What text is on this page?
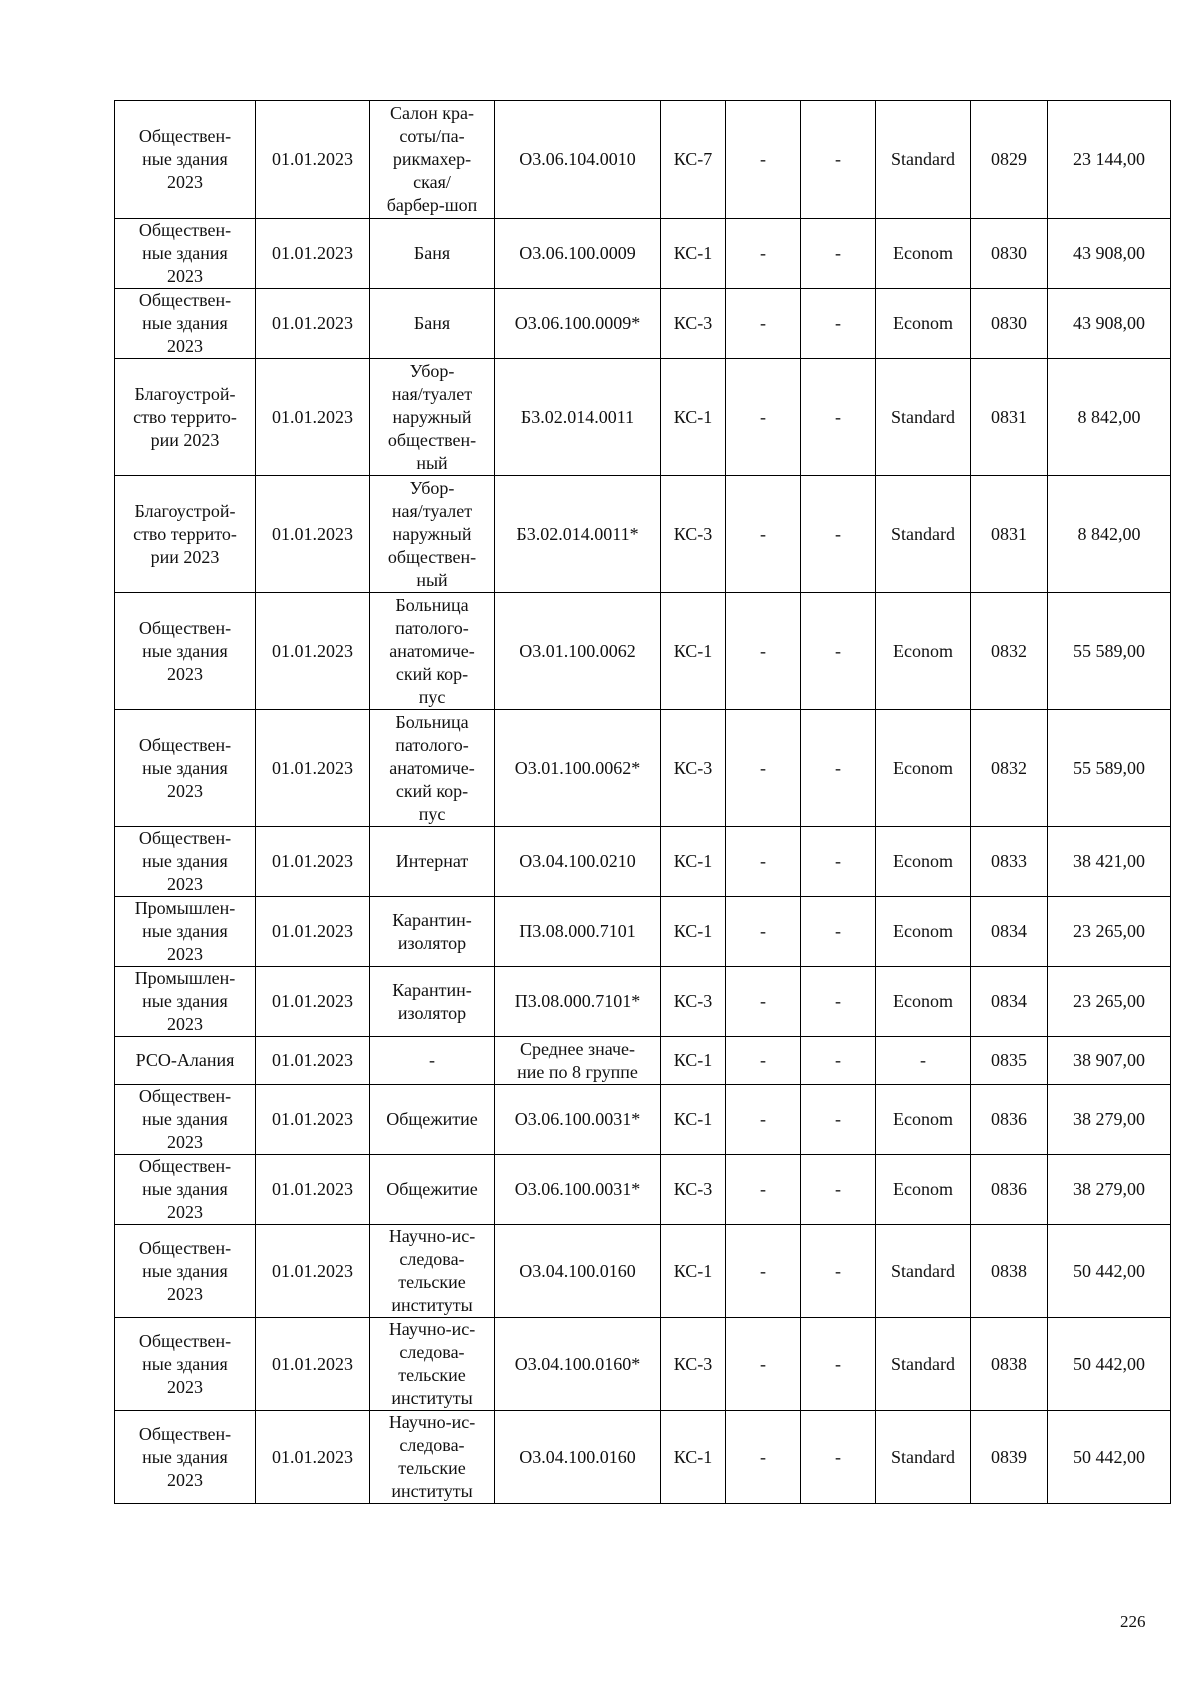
Обществен-
ные здания
2023	01.01.2023	Салон кра-
соты/па-
рикмахер-
ская/
барбер-шоп	О3.06.104.0010	КС-7	-	-	Standard	0829	23 144,00
Обществен-
ные здания
2023	01.01.2023	Баня	О3.06.100.0009	КС-1	-	-	Econom	0830	43 908,00
Обществен-
ные здания
2023	01.01.2023	Баня	О3.06.100.0009*	КС-3	-	-	Econom	0830	43 908,00
Благоустрой-
ство террито-
рии 2023	01.01.2023	Убор-
ная/туалет
наружный
обществен-
ный	Б3.02.014.0011	КС-1	-	-	Standard	0831	8 842,00
Благоустрой-
ство террито-
рии 2023	01.01.2023	Убор-
ная/туалет
наружный
обществен-
ный	Б3.02.014.0011*	КС-3	-	-	Standard	0831	8 842,00
Обществен-
ные здания
2023	01.01.2023	Больница
патолого-
анатомиче-
ский кор-
пус	О3.01.100.0062	КС-1	-	-	Econom	0832	55 589,00
Обществен-
ные здания
2023	01.01.2023	Больница
патолого-
анатомиче-
ский кор-
пус	О3.01.100.0062*	КС-3	-	-	Econom	0832	55 589,00
Обществен-
ные здания
2023	01.01.2023	Интернат	О3.04.100.0210	КС-1	-	-	Econom	0833	38 421,00
Промышлен-
ные здания
2023	01.01.2023	Карантин-
изолятор	П3.08.000.7101	КС-1	-	-	Econom	0834	23 265,00
Промышлен-
ные здания
2023	01.01.2023	Карантин-
изолятор	П3.08.000.7101*	КС-3	-	-	Econom	0834	23 265,00
РСО-Алания	01.01.2023	-	Среднее значе-
ние по 8 группе	КС-1	-	-	-	0835	38 907,00
Обществен-
ные здания
2023	01.01.2023	Общежитие	О3.06.100.0031*	КС-1	-	-	Econom	0836	38 279,00
Обществен-
ные здания
2023	01.01.2023	Общежитие	О3.06.100.0031*	КС-3	-	-	Econom	0836	38 279,00
Обществен-
ные здания
2023	01.01.2023	Научно-ис-
следова-
тельские
институты	О3.04.100.0160	КС-1	-	-	Standard	0838	50 442,00
Обществен-
ные здания
2023	01.01.2023	Научно-ис-
следова-
тельские
институты	О3.04.100.0160*	КС-3	-	-	Standard	0838	50 442,00
Обществен-
ные здания
2023	01.01.2023	Научно-ис-
следова-
тельские
институты	О3.04.100.0160	КС-1	-	-	Standard	0839	50 442,00
226
